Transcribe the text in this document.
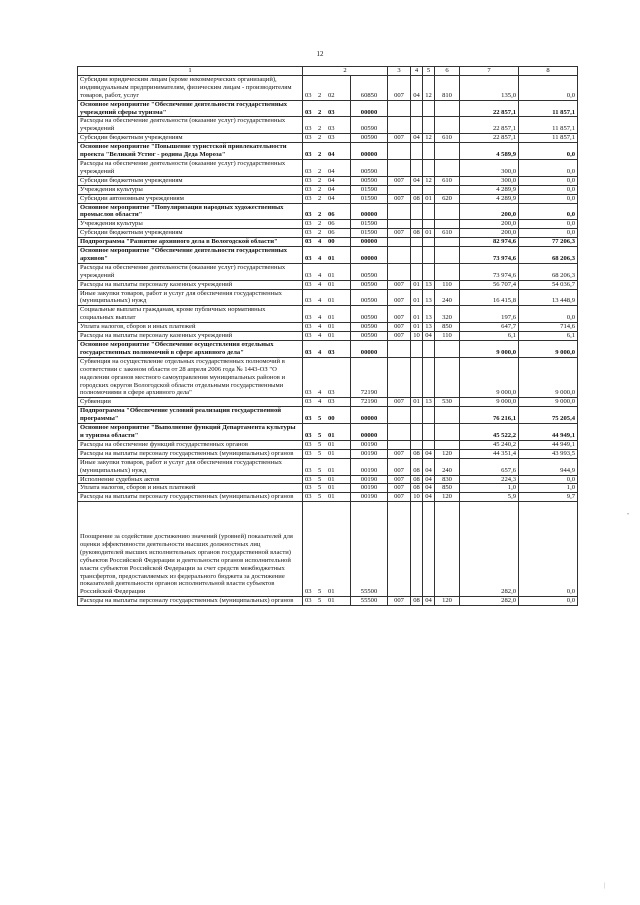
12
1	2		3	4	5	6	7	8
Субсидии юридическим лицам (кроме некоммерческих организаций), индивидуальным предпринимателям, физическим лицам - производителям товаров, работ, услуг	03 2 02	60850	007	04	12	810	135,0	0,0
Основное мероприятие "Обеспечение деятельности государственных учреждений сферы туризма"	03 2 03	00000					22 857,1	11 857,1
Расходы на обеспечение деятельности (оказание услуг) государственных учреждений	03 2 03	00590					22 857,1	11 857,1
Субсидии бюджетным учреждениям	03 2 03	00590	007	04	12	610	22 857,1	11 857,1
Основное мероприятие "Повышение туристской привлекательности проекта "Великий Устюг - родина Деда Мороза"	03 2 04	00000					4 589,9	0,0
Расходы на обеспечение деятельности (оказание услуг) государственных учреждений	03 2 04	00590					300,0	0,0
Субсидии бюджетным учреждениям	03 2 04	00590	007	04	12	610	300,0	0,0
Учреждения культуры	03 2 04	01590					4 289,9	0,0
Субсидии автономным учреждениям	03 2 04	01590	007	08	01	620	4 289,9	0,0
Основное мероприятие "Популяризация народных художественных промыслов области"	03 2 06	00000					200,0	0,0
Учреждения культуры	03 2 06	01590					200,0	0,0
Субсидии бюджетным учреждениям	03 2 06	01590	007	08	01	610	200,0	0,0
Подпрограмма "Развитие архивного дела в Вологодской области"	03 4 00	00000					82 974,6	77 206,3
Основное мероприятие "Обеспечение деятельности государственных архивов"	03 4 01	00000					73 974,6	68 206,3
Расходы на обеспечение деятельности (оказание услуг) государственных учреждений	03 4 01	00590					73 974,6	68 206,3
Расходы на выплаты персоналу казенных учреждений	03 4 01	00590	007	01	13	110	56 707,4	54 036,7
Иные закупки товаров, работ и услуг для обеспечения государственных (муниципальных) нужд	03 4 01	00590	007	01	13	240	16 415,8	13 448,9
Социальные выплаты гражданам, кроме публичных нормативных социальных выплат	03 4 01	00590	007	01	13	320	197,6	0,0
Уплата налогов, сборов и иных платежей	03 4 01	00590	007	01	13	850	647,7	714,6
Расходы на выплаты персоналу казенных учреждений	03 4 01	00590	007	10	04	110	6,1	6,1
Основное мероприятие "Обеспечение осуществления отдельных государственных полномочий в сфере архивного дела"	03 4 03	00000					9 000,0	9 000,0
Субвенция на осуществление отдельных государственных полномочий в соответствии с законом области от 28 апреля 2006 года № 1443-ОЗ "О наделении органов местного самоуправления муниципальных районов и городских округов Вологодской области отдельными государственными полномочиями в сфере архивного дела"	03 4 03	72190					9 000,0	9 000,0
Субвенции	03 4 03	72190	007	01	13	530	9 000,0	9 000,0
Подпрограмма "Обеспечение условий реализации государственной программы"	03 5 00	00000					76 216,1	75 205,4
Основное мероприятие "Выполнение функций Департамента культуры и туризма области"	03 5 01	00000					45 522,2	44 949,1
Расходы на обеспечение функций государственных органов	03 5 01	00190					45 240,2	44 949,1
Расходы на выплаты персоналу государственных (муниципальных) органов	03 5 01	00190	007	08	04	120	44 351,4	43 993,5
Иные закупки товаров, работ и услуг для обеспечения государственных (муниципальных) нужд	03 5 01	00190	007	08	04	240	657,6	944,9
Исполнение судебных актов	03 5 01	00190	007	08	04	830	224,3	0,0
Уплата налогов, сборов и иных платежей	03 5 01	00190	007	08	04	850	1,0	1,0
Расходы на выплаты персоналу государственных (муниципальных) органов	03 5 01	00190	007	10	04	120	5,9	9,7
Поощрение за содействие достижению значений (уровней) показателей для оценки эффективности деятельности высших должностных лиц (руководителей высших исполнительных органов государственной власти) субъектов Российской Федерации и деятельности органов исполнительной власти субъектов Российской Федерации за счет средств межбюджетных трансфертов, предоставляемых из федерального бюджета за достижение показателей деятельности органов исполнительной власти субъектов Российской Федерации	03 5 01	55500					282,0	0,0
Расходы на выплаты персоналу государственных (муниципальных) органов	03 5 01	55500	007	08	04	120	282,0	0,0
•
|
